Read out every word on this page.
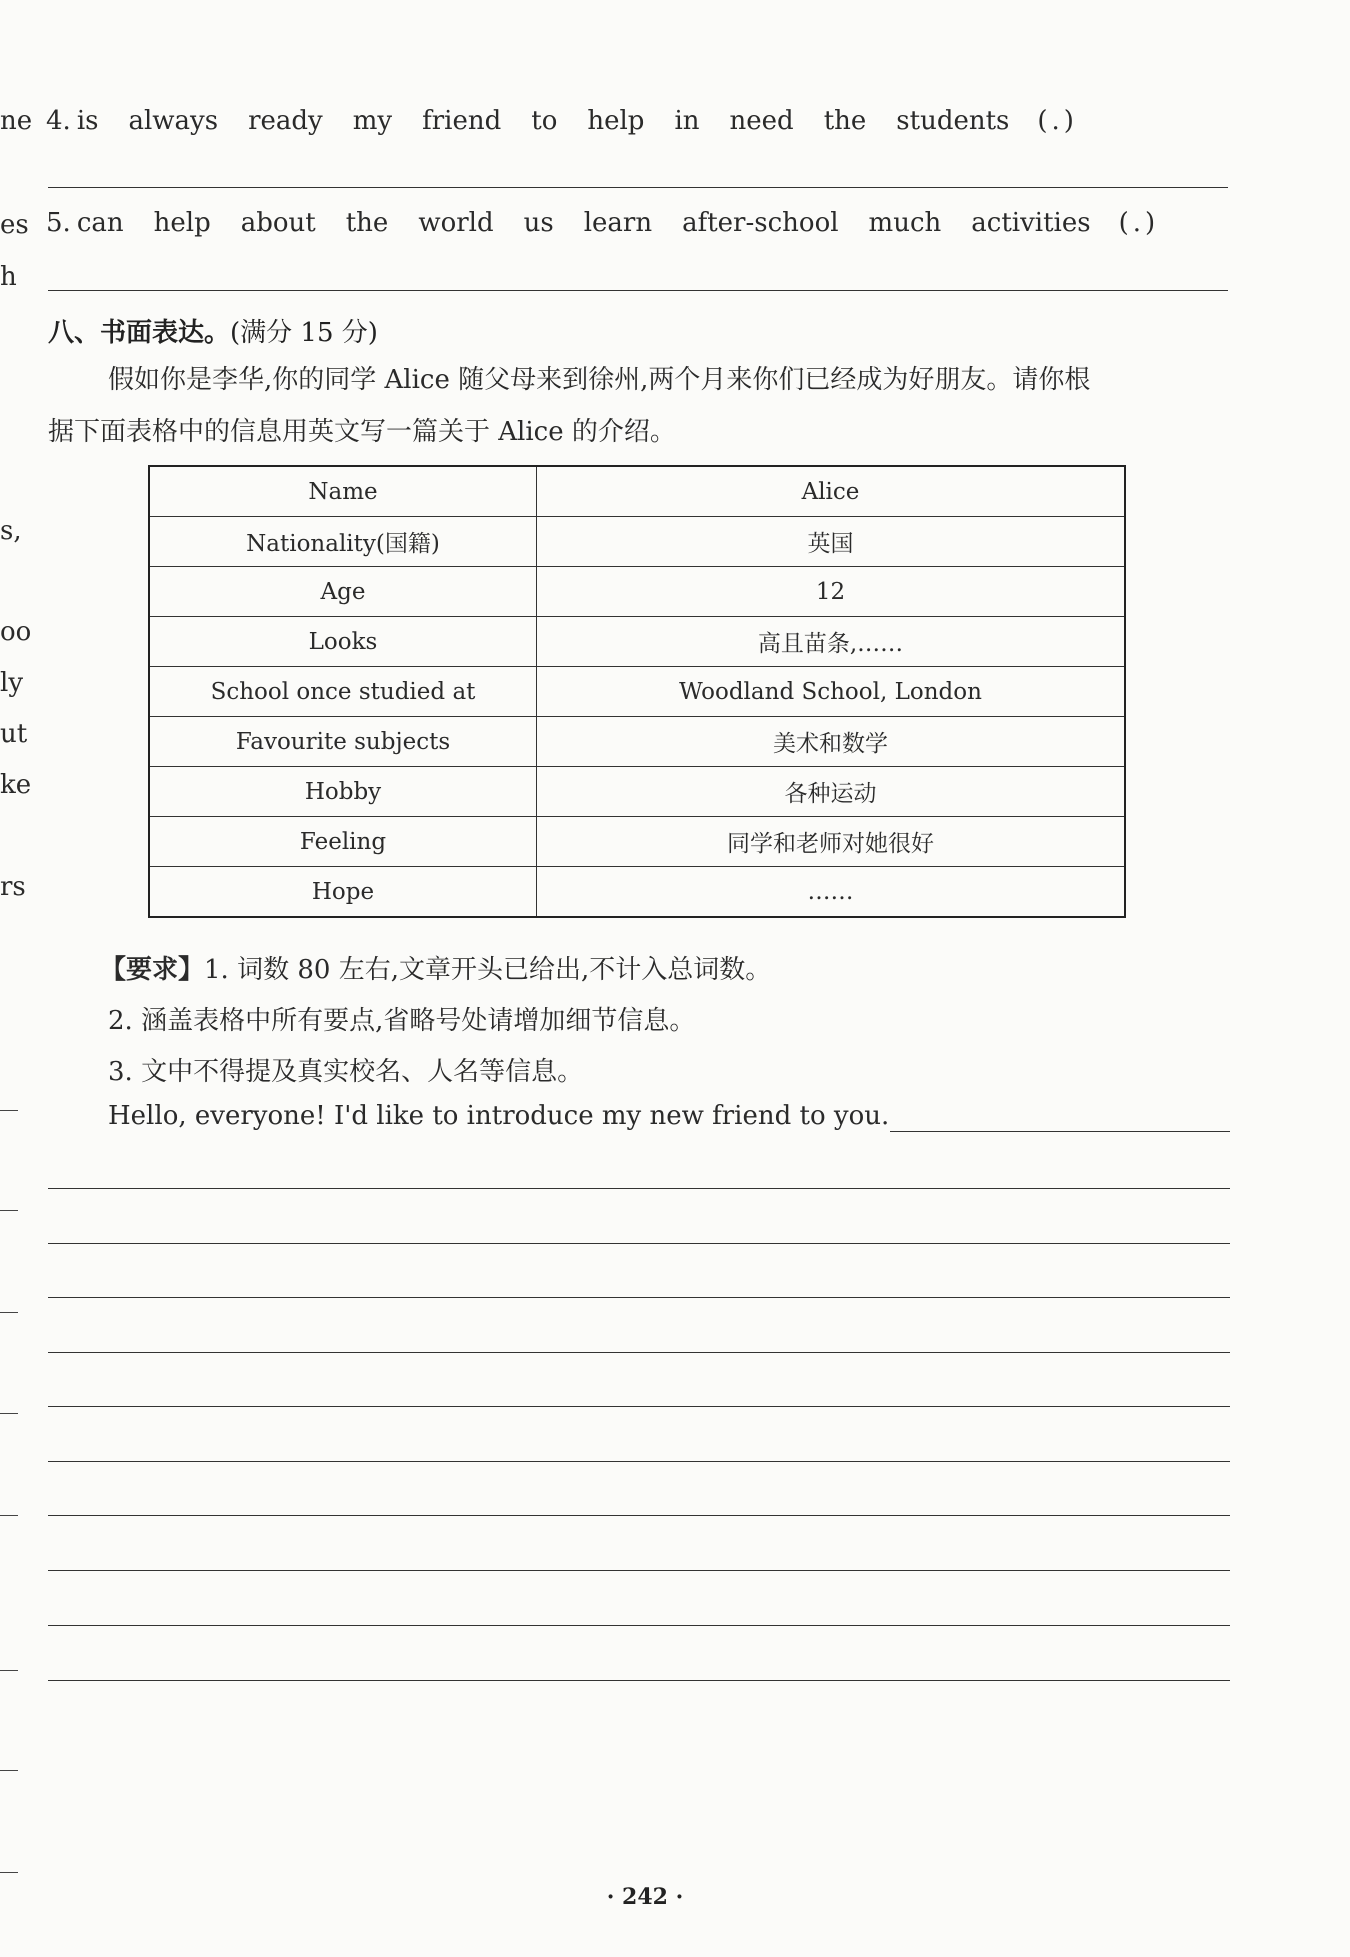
ne
es
h
s,
oo
ly
ut
ke
rs
4. is always ready my friend to help in need the students (.)
5. can help about the world us learn after-school much activities (.)
八、书面表达。(满分 15 分)
假如你是李华,你的同学 Alice 随父母来到徐州,两个月来你们已经成为好朋友。请你根
据下面表格中的信息用英文写一篇关于 Alice 的介绍。
Name	Alice
Nationality(国籍)	英国
Age	12
Looks	高且苗条,……
School once studied at	Woodland School, London
Favourite subjects	美术和数学
Hobby	各种运动
Feeling	同学和老师对她很好
Hope	……
【要求】1. 词数 80 左右,文章开头已给出,不计入总词数。
2. 涵盖表格中所有要点,省略号处请增加细节信息。
3. 文中不得提及真实校名、人名等信息。
Hello, everyone! I'd like to introduce my new friend to you.
· 242 ·
